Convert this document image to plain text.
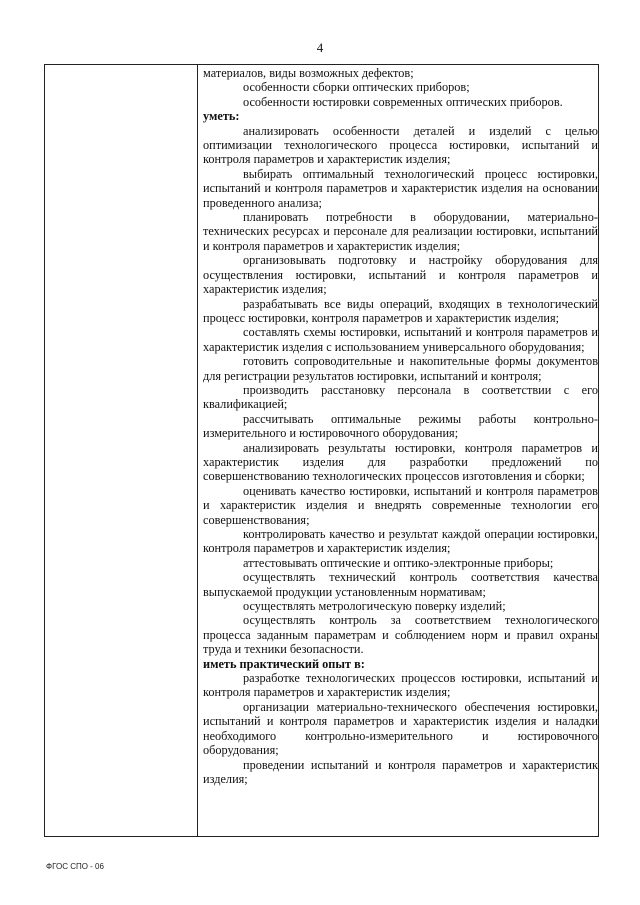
4

материалов, виды возможных дефектов;

особенности сборки оптических приборов;

особенности юстировки современных оптических приборов.

уметь:

анализировать особенности деталей и изделий с целью оптимизации технологического процесса юстировки, испытаний и контроля параметров и характеристик изделия;

выбирать оптимальный технологический процесс юстировки, испытаний и контроля параметров и характеристик изделия на основании проведенного анализа;

планировать потребности в оборудовании, материально-технических ресурсах и персонале для реализации юстировки, испытаний и контроля параметров и характеристик изделия;

организовывать подготовку и настройку оборудования для осуществления юстировки, испытаний и контроля параметров и характеристик изделия;

разрабатывать все виды операций, входящих в технологический процесс юстировки, контроля параметров и характеристик изделия;

составлять схемы юстировки, испытаний и контроля параметров и характеристик изделия с использованием универсального оборудования;

готовить сопроводительные и накопительные формы документов для регистрации результатов юстировки, испытаний и контроля;

производить расстановку персонала в соответствии с его квалификацией;

рассчитывать оптимальные режимы работы контрольно-измерительного и юстировочного оборудования;

анализировать результаты юстировки, контроля параметров и характеристик изделия для разработки предложений по совершенствованию технологических процессов изготовления и сборки;

оценивать качество юстировки, испытаний и контроля параметров и характеристик изделия и внедрять современные технологии его совершенствования;

контролировать качество и результат каждой операции юстировки, контроля параметров и характеристик изделия;

аттестовывать оптические и оптико-электронные приборы;

осуществлять технический контроль соответствия качества выпускаемой продукции установленным нормативам;

осуществлять метрологическую поверку изделий;

осуществлять контроль за соответствием технологического процесса заданным параметрам и соблюдением норм и правил охраны труда и техники безопасности.

иметь практический опыт в:

разработке технологических процессов юстировки, испытаний и контроля параметров и характеристик изделия;

организации материально-технического обеспечения юстировки, испытаний и контроля параметров и характеристик изделия и наладки необходимого контрольно-измерительного и юстировочного оборудования;

проведении испытаний и контроля параметров и характеристик изделия;

ФГОС СПО - 06
